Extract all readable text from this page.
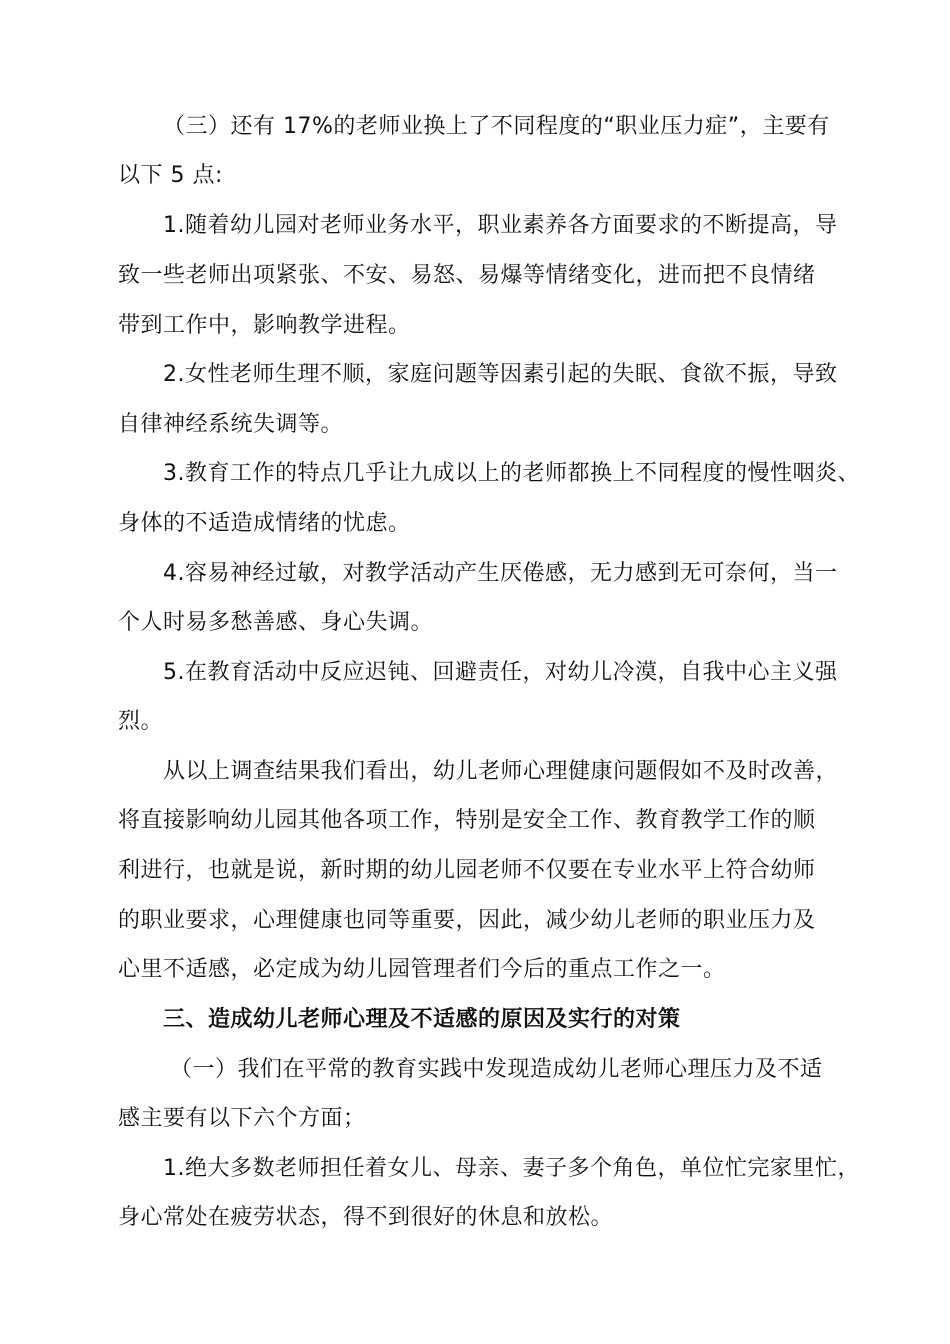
（三）还有 17%的老师业换上了不同程度的“职业压力症”，主要有
以下 5 点:
1.随着幼儿园对老师业务水平，职业素养各方面要求的不断提高，导
致一些老师出项紧张、不安、易怒、易爆等情绪变化，进而把不良情绪
带到工作中，影响教学进程。
2.女性老师生理不顺，家庭问题等因素引起的失眠、食欲不振，导致
自律神经系统失调等。
3.教育工作的特点几乎让九成以上的老师都换上不同程度的慢性咽炎、
身体的不适造成情绪的忧虑。
4.容易神经过敏，对教学活动产生厌倦感，无力感到无可奈何，当一
个人时易多愁善感、身心失调。
5.在教育活动中反应迟钝、回避责任，对幼儿冷漠，自我中心主义强
烈。
从以上调查结果我们看出，幼儿老师心理健康问题假如不及时改善，
将直接影响幼儿园其他各项工作，特别是安全工作、教育教学工作的顺
利进行，也就是说，新时期的幼儿园老师不仅要在专业水平上符合幼师
的职业要求，心理健康也同等重要，因此，减少幼儿老师的职业压力及
心里不适感，必定成为幼儿园管理者们今后的重点工作之一。
三、造成幼儿老师心理及不适感的原因及实行的对策
（一）我们在平常的教育实践中发现造成幼儿老师心理压力及不适
感主要有以下六个方面；
1.绝大多数老师担任着女儿、母亲、妻子多个角色，单位忙完家里忙，
身心常处在疲劳状态，得不到很好的休息和放松。
